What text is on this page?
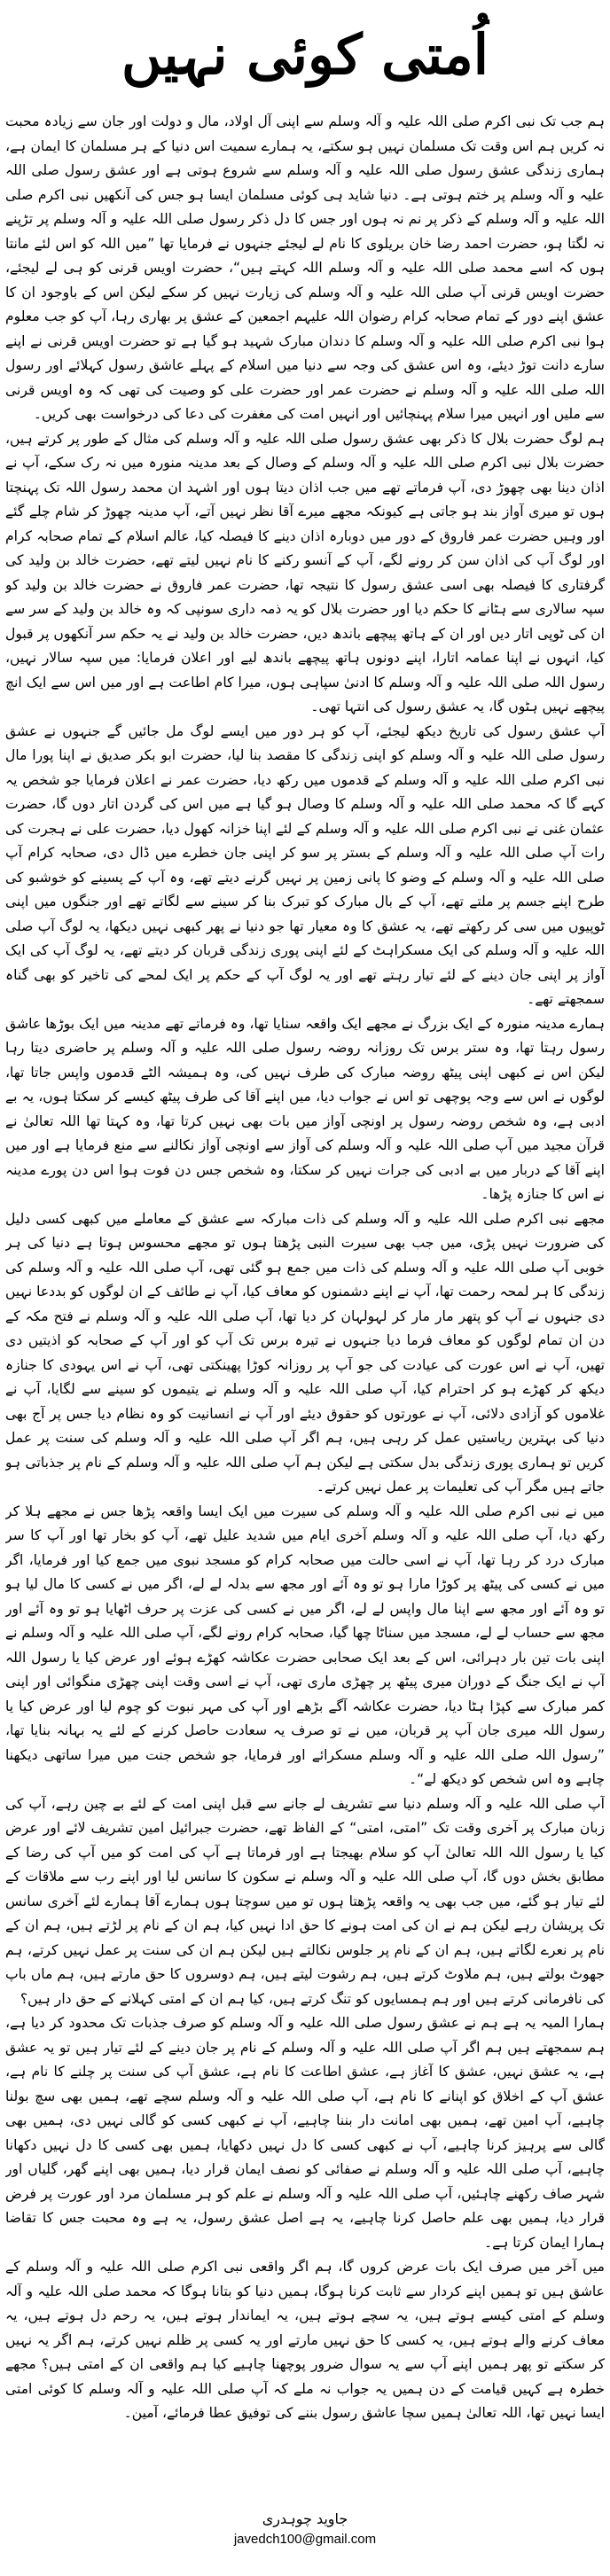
اُمتی کوئی نہیں

ہم جب تک نبی اکرم صلی اللہ علیہ و آلہ وسلم سے اپنی آل اولاد، مال و دولت اور جان سے زیادہ محبت نہ کریں ہم اس وقت تک مسلمان نہیں ہو سکتے، یہ ہمارے سمیت اس دنیا کے ہر مسلمان کا ایمان ہے، ہماری زندگی عشق رسول صلی اللہ علیہ و آلہ وسلم سے شروع ہوتی ہے اور عشق رسول صلی اللہ علیہ و آلہ وسلم پر ختم ہوتی ہے۔ دنیا شاید ہی کوئی مسلمان ایسا ہو جس کی آنکھیں نبی اکرم صلی اللہ علیہ و آلہ وسلم کے ذکر پر نم نہ ہوں اور جس کا دل ذکر رسول صلی اللہ علیہ و آلہ وسلم پر تڑپنے نہ لگتا ہو، حضرت احمد رضا خان بریلوی کا نام لے لیجئے جنہوں نے فرمایا تھا ”میں اللہ کو اس لئے مانتا ہوں کہ اسے محمد صلی اللہ علیہ و آلہ وسلم اللہ کہتے ہیں“، حضرت اویس قرنی کو ہی لے لیجئے، حضرت اویس قرنی آپ صلی اللہ علیہ و آلہ وسلم کی زیارت نہیں کر سکے لیکن اس کے باوجود ان کا عشق اپنے دور کے تمام صحابہ کرام رضوان اللہ علیہم اجمعین کے عشق پر بھاری رہا، آپ کو جب معلوم ہوا نبی اکرم صلی اللہ علیہ و آلہ وسلم کا دندان مبارک شہید ہو گیا ہے تو حضرت اویس قرنی نے اپنے سارے دانت توڑ دیئے، وہ اس عشق کی وجہ سے دنیا میں اسلام کے پہلے عاشق رسول کہلائے اور رسول اللہ صلی اللہ علیہ و آلہ وسلم نے حضرت عمر اور حضرت علی کو وصیت کی تھی کہ وہ اویس قرنی سے ملیں اور انہیں میرا سلام پہنچائیں اور انہیں امت کی مغفرت کی دعا کی درخواست بھی کریں۔

ہم لوگ حضرت بلال کا ذکر بھی عشق رسول صلی اللہ علیہ و آلہ وسلم کی مثال کے طور پر کرتے ہیں، حضرت بلال نبی اکرم صلی اللہ علیہ و آلہ وسلم کے وصال کے بعد مدینہ منورہ میں نہ رک سکے، آپ نے اذان دینا بھی چھوڑ دی، آپ فرماتے تھے میں جب اذان دیتا ہوں اور اشہد ان محمد رسول اللہ تک پہنچتا ہوں تو میری آواز بند ہو جاتی ہے کیونکہ مجھے میرے آقا نظر نہیں آتے، آپ مدینہ چھوڑ کر شام چلے گئے اور وہیں حضرت عمر فاروق کے دور میں دوبارہ اذان دینے کا فیصلہ کیا، عالم اسلام کے تمام صحابہ کرام اور لوگ آپ کی اذان سن کر رونے لگے، آپ کے آنسو رکنے کا نام نہیں لیتے تھے، حضرت خالد بن ولید کی گرفتاری کا فیصلہ بھی اسی عشق رسول کا نتیجہ تھا، حضرت عمر فاروق نے حضرت خالد بن ولید کو سپہ سالاری سے ہٹانے کا حکم دیا اور حضرت بلال کو یہ ذمہ داری سونپی کہ وہ خالد بن ولید کے سر سے ان کی ٹوپی اتار دیں اور ان کے ہاتھ پیچھے باندھ دیں، حضرت خالد بن ولید نے یہ حکم سر آنکھوں پر قبول کیا، انہوں نے اپنا عمامہ اتارا، اپنے دونوں ہاتھ پیچھے باندھ لیے اور اعلان فرمایا: میں سپہ سالار نہیں، رسول اللہ صلی اللہ علیہ و آلہ وسلم کا ادنیٰ سپاہی ہوں، میرا کام اطاعت ہے اور میں اس سے ایک انچ پیچھے نہیں ہٹوں گا، یہ عشق رسول کی انتہا تھی۔

آپ عشق رسول کی تاریخ دیکھ لیجئے، آپ کو ہر دور میں ایسے لوگ مل جائیں گے جنہوں نے عشق رسول صلی اللہ علیہ و آلہ وسلم کو اپنی زندگی کا مقصد بنا لیا، حضرت ابو بکر صدیق نے اپنا پورا مال نبی اکرم صلی اللہ علیہ و آلہ وسلم کے قدموں میں رکھ دیا، حضرت عمر نے اعلان فرمایا جو شخص یہ کہے گا کہ محمد صلی اللہ علیہ و آلہ وسلم کا وصال ہو گیا ہے میں اس کی گردن اتار دوں گا، حضرت عثمان غنی نے نبی اکرم صلی اللہ علیہ و آلہ وسلم کے لئے اپنا خزانہ کھول دیا، حضرت علی نے ہجرت کی رات آپ صلی اللہ علیہ و آلہ وسلم کے بستر پر سو کر اپنی جان خطرے میں ڈال دی، صحابہ کرام آپ صلی اللہ علیہ و آلہ وسلم کے وضو کا پانی زمین پر نہیں گرنے دیتے تھے، وہ آپ کے پسینے کو خوشبو کی طرح اپنے جسم پر ملتے تھے، آپ کے بال مبارک کو تبرک بنا کر سینے سے لگاتے تھے اور جنگوں میں اپنی ٹوپیوں میں سی کر رکھتے تھے، یہ عشق کا وہ معیار تھا جو دنیا نے پھر کبھی نہیں دیکھا، یہ لوگ آپ صلی اللہ علیہ و آلہ وسلم کی ایک مسکراہٹ کے لئے اپنی پوری زندگی قربان کر دیتے تھے، یہ لوگ آپ کی ایک آواز پر اپنی جان دینے کے لئے تیار رہتے تھے اور یہ لوگ آپ کے حکم پر ایک لمحے کی تاخیر کو بھی گناہ سمجھتے تھے۔

ہمارے مدینہ منورہ کے ایک بزرگ نے مجھے ایک واقعہ سنایا تھا، وہ فرماتے تھے مدینہ میں ایک بوڑھا عاشق رسول رہتا تھا، وہ ستر برس تک روزانہ روضہ رسول صلی اللہ علیہ و آلہ وسلم پر حاضری دیتا رہا لیکن اس نے کبھی اپنی پیٹھ روضہ مبارک کی طرف نہیں کی، وہ ہمیشہ الٹے قدموں واپس جاتا تھا، لوگوں نے اس سے وجہ پوچھی تو اس نے جواب دیا، میں اپنے آقا کی طرف پیٹھ کیسے کر سکتا ہوں، یہ بے ادبی ہے، وہ شخص روضہ رسول پر اونچی آواز میں بات بھی نہیں کرتا تھا، وہ کہتا تھا اللہ تعالیٰ نے قرآن مجید میں آپ صلی اللہ علیہ و آلہ وسلم کی آواز سے اونچی آواز نکالنے سے منع فرمایا ہے اور میں اپنے آقا کے دربار میں بے ادبی کی جرات نہیں کر سکتا، وہ شخص جس دن فوت ہوا اس دن پورے مدینہ نے اس کا جنازہ پڑھا۔

مجھے نبی اکرم صلی اللہ علیہ و آلہ وسلم کی ذات مبارکہ سے عشق کے معاملے میں کبھی کسی دلیل کی ضرورت نہیں پڑی، میں جب بھی سیرت النبی پڑھتا ہوں تو مجھے محسوس ہوتا ہے دنیا کی ہر خوبی آپ صلی اللہ علیہ و آلہ وسلم کی ذات میں جمع ہو گئی تھی، آپ صلی اللہ علیہ و آلہ وسلم کی زندگی کا ہر لمحہ رحمت تھا، آپ نے اپنے دشمنوں کو معاف کیا، آپ نے طائف کے ان لوگوں کو بددعا نہیں دی جنہوں نے آپ کو پتھر مار مار کر لہولہان کر دیا تھا، آپ صلی اللہ علیہ و آلہ وسلم نے فتح مکہ کے دن ان تمام لوگوں کو معاف فرما دیا جنہوں نے تیرہ برس تک آپ کو اور آپ کے صحابہ کو اذیتیں دی تھیں، آپ نے اس عورت کی عیادت کی جو آپ پر روزانہ کوڑا پھینکتی تھی، آپ نے اس یہودی کا جنازہ دیکھ کر کھڑے ہو کر احترام کیا، آپ صلی اللہ علیہ و آلہ وسلم نے یتیموں کو سینے سے لگایا، آپ نے غلاموں کو آزادی دلائی، آپ نے عورتوں کو حقوق دیئے اور آپ نے انسانیت کو وہ نظام دیا جس پر آج بھی دنیا کی بہترین ریاستیں عمل کر رہی ہیں، ہم اگر آپ صلی اللہ علیہ و آلہ وسلم کی سنت پر عمل کریں تو ہماری پوری زندگی بدل سکتی ہے لیکن ہم آپ صلی اللہ علیہ و آلہ وسلم کے نام پر جذباتی ہو جاتے ہیں مگر آپ کی تعلیمات پر عمل نہیں کرتے۔

میں نے نبی اکرم صلی اللہ علیہ و آلہ وسلم کی سیرت میں ایک ایسا واقعہ پڑھا جس نے مجھے ہلا کر رکھ دیا، آپ صلی اللہ علیہ و آلہ وسلم آخری ایام میں شدید علیل تھے، آپ کو بخار تھا اور آپ کا سر مبارک درد کر رہا تھا، آپ نے اسی حالت میں صحابہ کرام کو مسجد نبوی میں جمع کیا اور فرمایا، اگر میں نے کسی کی پیٹھ پر کوڑا مارا ہو تو وہ آئے اور مجھ سے بدلہ لے لے، اگر میں نے کسی کا مال لیا ہو تو وہ آئے اور مجھ سے اپنا مال واپس لے لے، اگر میں نے کسی کی عزت پر حرف اٹھایا ہو تو وہ آئے اور مجھ سے حساب لے لے، مسجد میں سناٹا چھا گیا، صحابہ کرام رونے لگے، آپ صلی اللہ علیہ و آلہ وسلم نے اپنی بات تین بار دہرائی، اس کے بعد ایک صحابی حضرت عکاشہ کھڑے ہوئے اور عرض کیا یا رسول اللہ آپ نے ایک جنگ کے دوران میری پیٹھ پر چھڑی ماری تھی، آپ نے اسی وقت اپنی چھڑی منگوائی اور اپنی کمر مبارک سے کپڑا ہٹا دیا، حضرت عکاشہ آگے بڑھے اور آپ کی مہر نبوت کو چوم لیا اور عرض کیا یا رسول اللہ میری جان آپ پر قربان، میں نے تو صرف یہ سعادت حاصل کرنے کے لئے یہ بہانہ بنایا تھا، ”رسول اللہ صلی اللہ علیہ و آلہ وسلم مسکرائے اور فرمایا، جو شخص جنت میں میرا ساتھی دیکھنا چاہے وہ اس شخص کو دیکھ لے“۔

آپ صلی اللہ علیہ و آلہ وسلم دنیا سے تشریف لے جانے سے قبل اپنی امت کے لئے بے چین رہے، آپ کی زبان مبارک پر آخری وقت تک ”امتی، امتی“ کے الفاظ تھے، حضرت جبرائیل امین تشریف لائے اور عرض کیا یا رسول اللہ اللہ تعالیٰ آپ کو سلام بھیجتا ہے اور فرماتا ہے آپ کی امت کو میں آپ کی رضا کے مطابق بخش دوں گا، آپ صلی اللہ علیہ و آلہ وسلم نے سکون کا سانس لیا اور اپنے رب سے ملاقات کے لئے تیار ہو گئے، میں جب بھی یہ واقعہ پڑھتا ہوں تو میں سوچتا ہوں ہمارے آقا ہمارے لئے آخری سانس تک پریشان رہے لیکن ہم نے ان کی امت ہونے کا حق ادا نہیں کیا، ہم ان کے نام پر لڑتے ہیں، ہم ان کے نام پر نعرے لگاتے ہیں، ہم ان کے نام پر جلوس نکالتے ہیں لیکن ہم ان کی سنت پر عمل نہیں کرتے، ہم جھوٹ بولتے ہیں، ہم ملاوٹ کرتے ہیں، ہم رشوت لیتے ہیں، ہم دوسروں کا حق مارتے ہیں، ہم ماں باپ کی نافرمانی کرتے ہیں اور ہم ہمسایوں کو تنگ کرتے ہیں، کیا ہم ان کے امتی کہلانے کے حق دار ہیں؟

ہمارا المیہ یہ ہے ہم نے عشق رسول صلی اللہ علیہ و آلہ وسلم کو صرف جذبات تک محدود کر دیا ہے، ہم سمجھتے ہیں ہم اگر آپ صلی اللہ علیہ و آلہ وسلم کے نام پر جان دینے کے لئے تیار ہیں تو یہ عشق ہے، یہ عشق نہیں، عشق کا آغاز ہے، عشق اطاعت کا نام ہے، عشق آپ کی سنت پر چلنے کا نام ہے، عشق آپ کے اخلاق کو اپنانے کا نام ہے، آپ صلی اللہ علیہ و آلہ وسلم سچے تھے، ہمیں بھی سچ بولنا چاہیے، آپ امین تھے، ہمیں بھی امانت دار بننا چاہیے، آپ نے کبھی کسی کو گالی نہیں دی، ہمیں بھی گالی سے پرہیز کرنا چاہیے، آپ نے کبھی کسی کا دل نہیں دکھایا، ہمیں بھی کسی کا دل نہیں دکھانا چاہیے، آپ صلی اللہ علیہ و آلہ وسلم نے صفائی کو نصف ایمان قرار دیا، ہمیں بھی اپنے گھر، گلیاں اور شہر صاف رکھنے چاہئیں، آپ صلی اللہ علیہ و آلہ وسلم نے علم کو ہر مسلمان مرد اور عورت پر فرض قرار دیا، ہمیں بھی علم حاصل کرنا چاہیے، یہ ہے اصل عشق رسول، یہ ہے وہ محبت جس کا تقاضا ہمارا ایمان کرتا ہے۔

میں آخر میں صرف ایک بات عرض کروں گا، ہم اگر واقعی نبی اکرم صلی اللہ علیہ و آلہ وسلم کے عاشق ہیں تو ہمیں اپنے کردار سے ثابت کرنا ہوگا، ہمیں دنیا کو بتانا ہوگا کہ محمد صلی اللہ علیہ و آلہ وسلم کے امتی کیسے ہوتے ہیں، یہ سچے ہوتے ہیں، یہ ایماندار ہوتے ہیں، یہ رحم دل ہوتے ہیں، یہ معاف کرنے والے ہوتے ہیں، یہ کسی کا حق نہیں مارتے اور یہ کسی پر ظلم نہیں کرتے، ہم اگر یہ نہیں کر سکتے تو پھر ہمیں اپنے آپ سے یہ سوال ضرور پوچھنا چاہیے کیا ہم واقعی ان کے امتی ہیں؟ مجھے خطرہ ہے کہیں قیامت کے دن ہمیں یہ جواب نہ ملے کہ آپ صلی اللہ علیہ و آلہ وسلم کا کوئی امتی ایسا نہیں تھا، اللہ تعالیٰ ہمیں سچا عاشق رسول بننے کی توفیق عطا فرمائے، آمین۔

جاوید چوہدری
javedch100@gmail.com
